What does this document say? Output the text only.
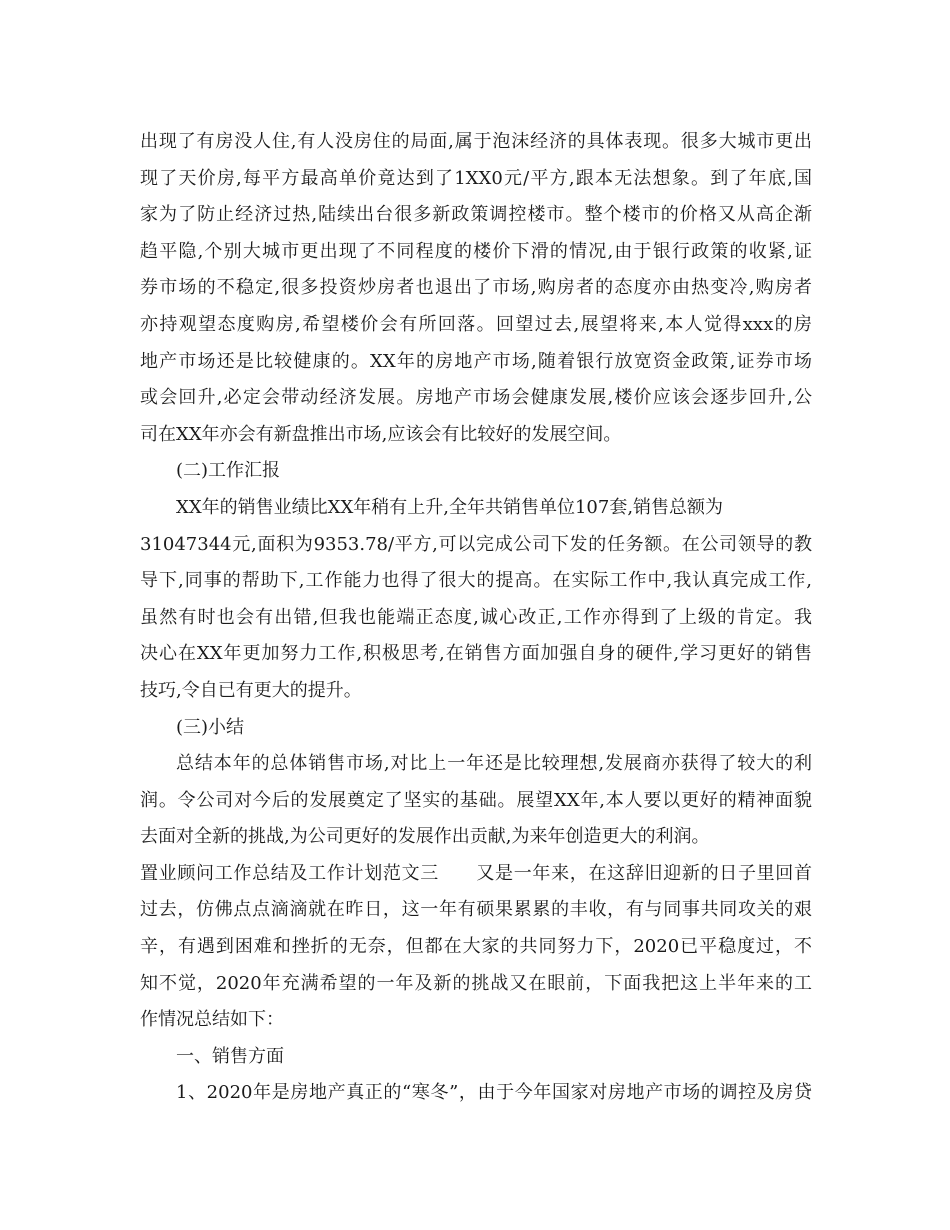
出现了有房没人住,有人没房住的局面,属于泡沫经济的具体表现。很多大城市更出
现了天价房,每平方最高单价竟达到了1XX0元/平方,跟本无法想象。到了年底,国
家为了防止经济过热,陆续出台很多新政策调控楼市。整个楼市的价格又从高企渐
趋平隐,个别大城市更出现了不同程度的楼价下滑的情况,由于银行政策的收紧,证
券市场的不稳定,很多投资炒房者也退出了市场,购房者的态度亦由热变冷,购房者
亦持观望态度购房,希望楼价会有所回落。回望过去,展望将来,本人觉得xxx的房
地产市场还是比较健康的。XX年的房地产市场,随着银行放宽资金政策,证券市场
或会回升,必定会带动经济发展。房地产市场会健康发展,楼价应该会逐步回升,公
司在XX年亦会有新盘推出市场,应该会有比较好的发展空间。
(二)工作汇报
XX年的销售业绩比XX年稍有上升,全年共销售单位107套,销售总额为
31047344元,面积为9353.78/平方,可以完成公司下发的任务额。在公司领导的教
导下,同事的帮助下,工作能力也得了很大的提高。在实际工作中,我认真完成工作,
虽然有时也会有出错,但我也能端正态度,诚心改正,工作亦得到了上级的肯定。我
决心在XX年更加努力工作,积极思考,在销售方面加强自身的硬件,学习更好的销售
技巧,令自已有更大的提升。
(三)小结
总结本年的总体销售市场,对比上一年还是比较理想,发展商亦获得了较大的利
润。令公司对今后的发展奠定了坚实的基础。展望XX年,本人要以更好的精神面貌
去面对全新的挑战,为公司更好的发展作出贡献,为来年创造更大的利润。
置业顾问工作总结及工作计划范文三　　又是一年来，在这辞旧迎新的日子里回首
过去，仿佛点点滴滴就在昨日，这一年有硕果累累的丰收，有与同事共同攻关的艰
辛，有遇到困难和挫折的无奈，但都在大家的共同努力下，2020已平稳度过，不
知不觉，2020年充满希望的一年及新的挑战又在眼前，下面我把这上半年来的工
作情况总结如下：
一、销售方面
1、2020年是房地产真正的“寒冬”，由于今年国家对房地产市场的调控及房贷
